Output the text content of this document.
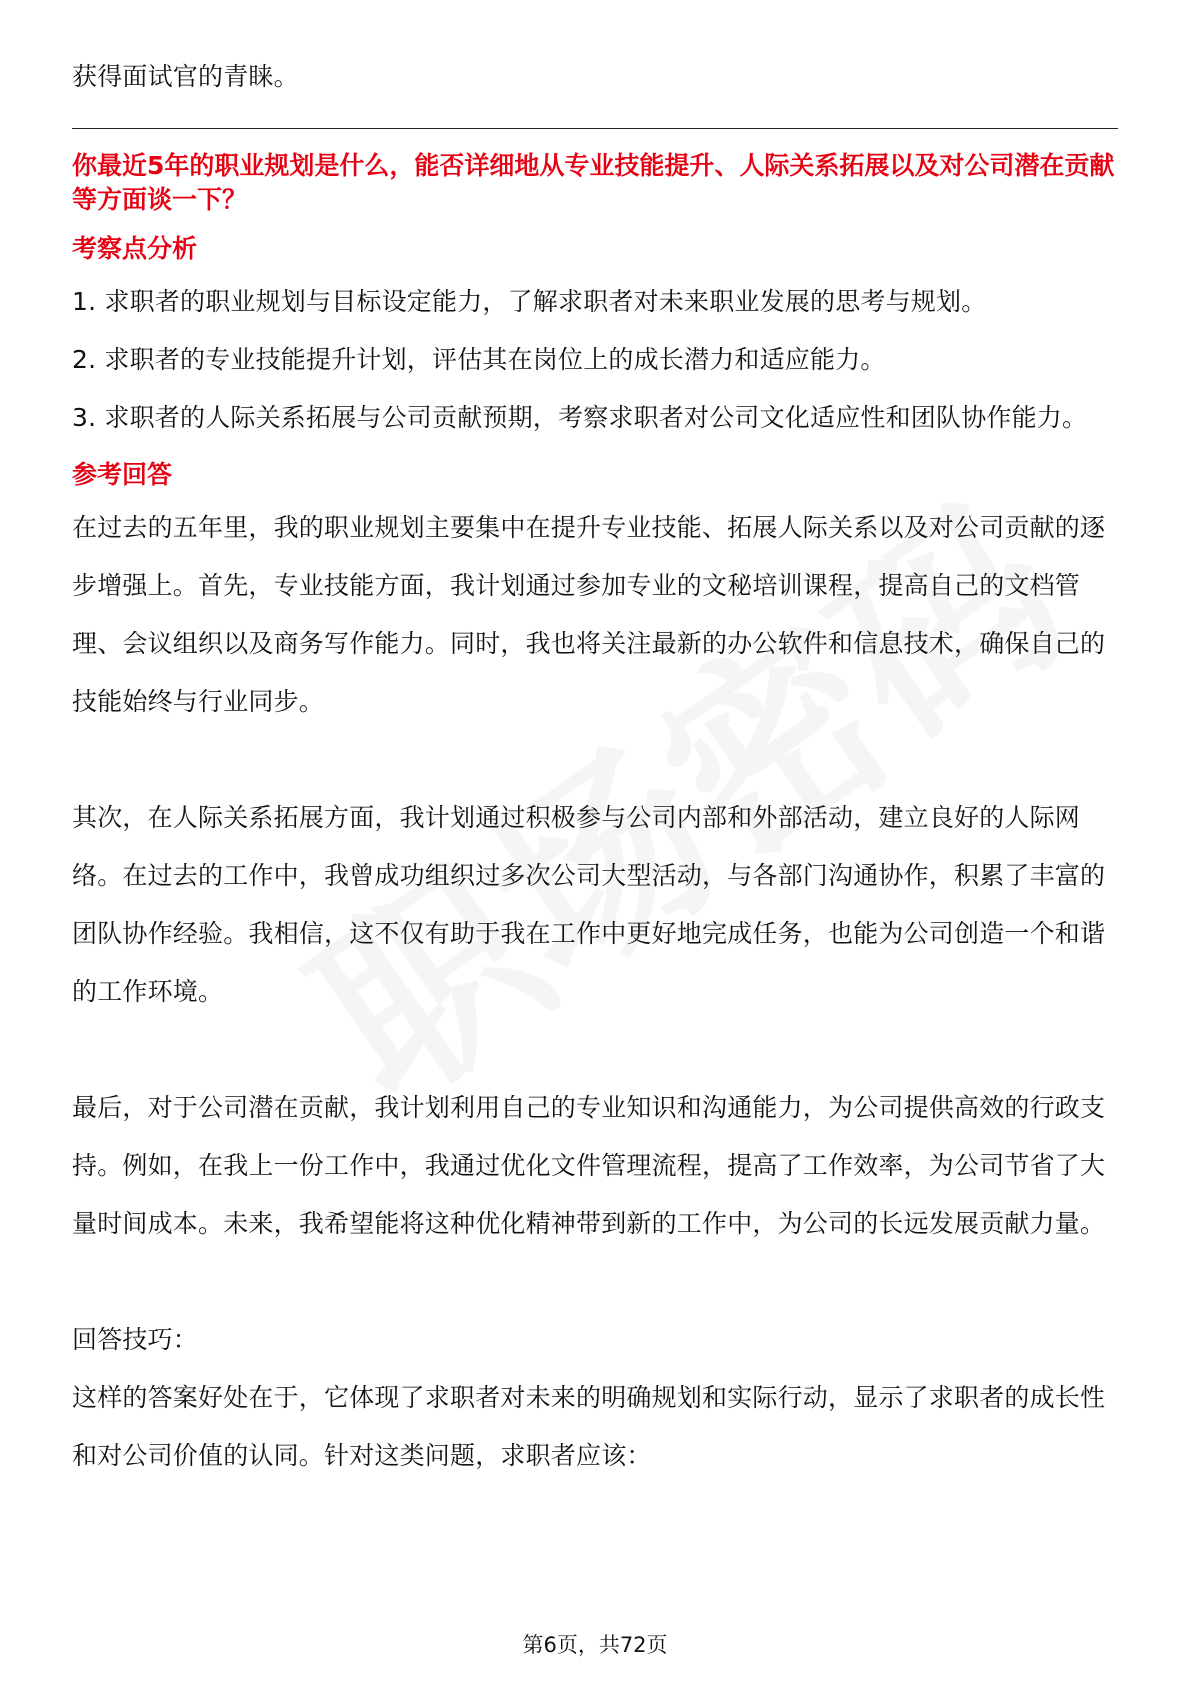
获得面试官的青睐。

你最近5年的职业规划是什么，能否详细地从专业技能提升、人际关系拓展以及对公司潜在贡献等方面谈一下？

考察点分析

1. 求职者的职业规划与目标设定能力，了解求职者对未来职业发展的思考与规划。

2. 求职者的专业技能提升计划，评估其在岗位上的成长潜力和适应能力。

3. 求职者的人际关系拓展与公司贡献预期，考察求职者对公司文化适应性和团队协作能力。

参考回答

在过去的五年里，我的职业规划主要集中在提升专业技能、拓展人际关系以及对公司贡献的逐步增强上。首先，专业技能方面，我计划通过参加专业的文秘培训课程，提高自己的文档管理、会议组织以及商务写作能力。同时，我也将关注最新的办公软件和信息技术，确保自己的技能始终与行业同步。

其次，在人际关系拓展方面，我计划通过积极参与公司内部和外部活动，建立良好的人际网络。在过去的工作中，我曾成功组织过多次公司大型活动，与各部门沟通协作，积累了丰富的团队协作经验。我相信，这不仅有助于我在工作中更好地完成任务，也能为公司创造一个和谐的工作环境。

最后，对于公司潜在贡献，我计划利用自己的专业知识和沟通能力，为公司提供高效的行政支持。例如，在我上一份工作中，我通过优化文件管理流程，提高了工作效率，为公司节省了大量时间成本。未来，我希望能将这种优化精神带到新的工作中，为公司的长远发展贡献力量。

回答技巧：

这样的答案好处在于，它体现了求职者对未来的明确规划和实际行动，显示了求职者的成长性和对公司价值的认同。针对这类问题，求职者应该：

第6页，共72页
